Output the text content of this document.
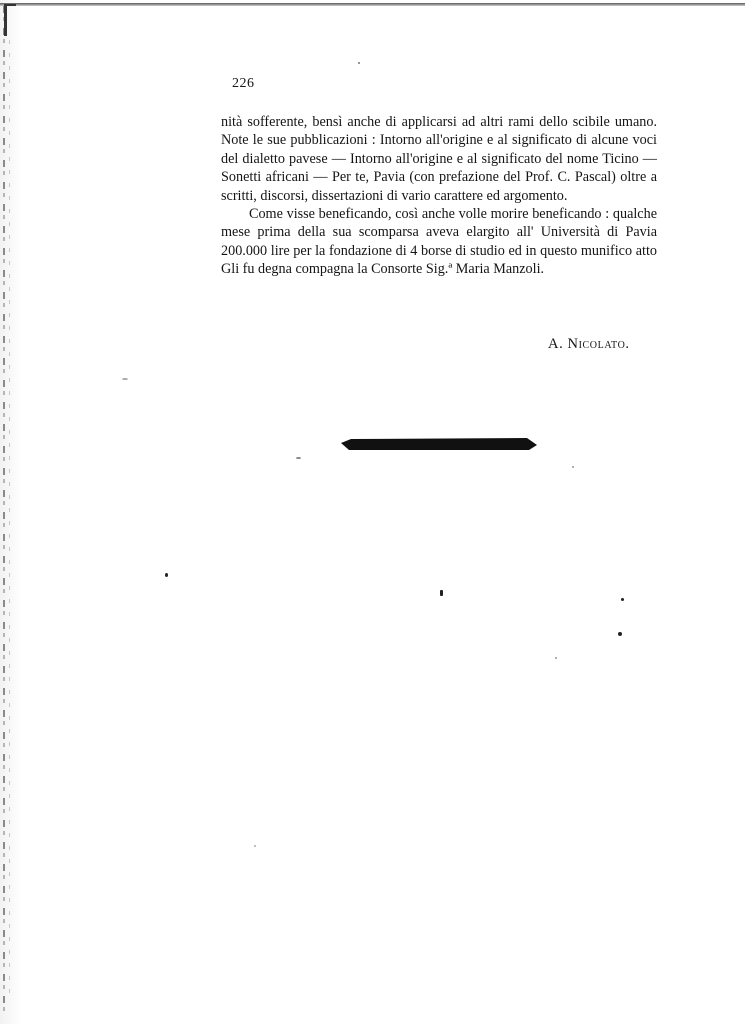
226

nità sofferente, bensì anche di applicarsi ad altri rami dello scibile umano. Note le sue pubblicazioni : Intorno all'origine e al significato di alcune voci del dialetto pavese — Intorno all'origine e al significato del nome Ticino — Sonetti africani — Per te, Pavia (con prefazione del Prof. C. Pascal) oltre a scritti, discorsi, dissertazioni di vario carattere ed argomento.

Come visse beneficando, così anche volle morire beneficando : qualche mese prima della sua scomparsa aveva elargito all' Università di Pavia 200.000 lire per la fondazione di 4 borse di studio ed in questo munifico atto Gli fu degna compagna la Consorte Sig.ª Maria Manzoli.

A. Nicolato.
